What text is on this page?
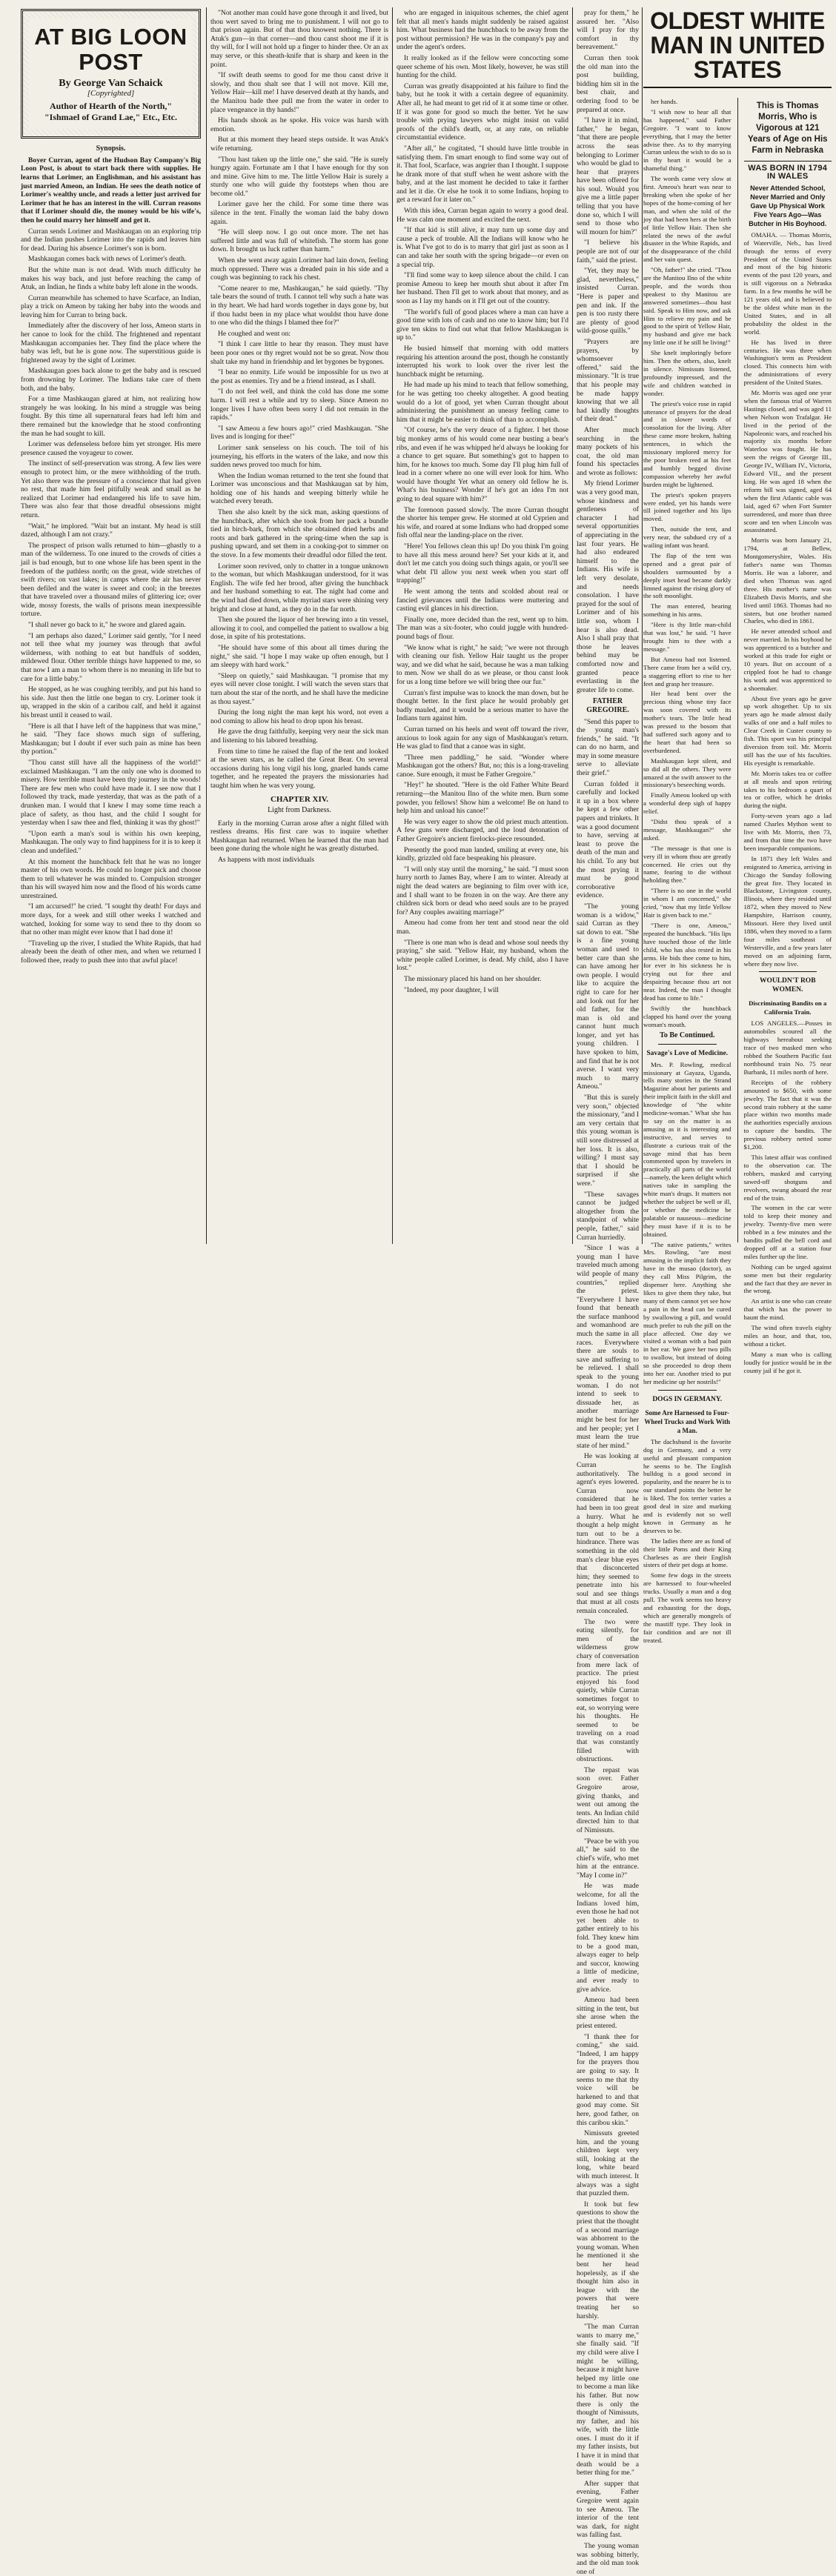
AT BIG LOON POST
By George Van Schaick
[Copyrighted]
Author of Hearth of the North," "Ishmael of Grand Lae," Etc., Etc.
Synopsis.

Boyer Curran, agent of the Hudson Bay Company's Big Loon Post, is about to start back there with supplies. He learns that Lorimer, an Englishman, and his assistant has just married Ameon, an Indian. He sees the death notice of Lorimer's wealthy uncle, and reads a letter just arrived for Lorimer that he has an interest in the will. Curran reasons that if Lorimer should die, the money would be his wife's, then he could marry her himself and get it.

Curran sends Lorimer and Mashkaugan on an exploring trip and the Indian pushes Lorimer into the rapids and leaves him for dead. During his absence Lorimer's son is born.

Mashkaugan comes back with news of Lorimer's death.

But the white man is not dead. With much difficulty he makes his way back, and just before reaching the camp of Atuk, an Indian, he finds a white baby left alone in the woods.

Curran meanwhile has schemed to have Scarface, an Indian, play a trick on Ameon by taking her baby into the woods and leaving him for Curran to bring back.

Immediately after the discovery of her loss, Ameon starts in her canoe to look for the child. The frightened and repentant Mashkaugan accompanies her. They find the place where the baby was left, but he is gone now. The superstitious guide is frightened away by the sight of Lorimer.

Mashkaugan goes back alone to get the baby and is rescued from drowning by Lorimer. The Indians take care of them both, and the baby.

For a time Mashkaugan glared at him, not realizing how strangely he was looking. In his mind a struggle was being fought. By this time all supernatural fears had left him and there remained but the knowledge that he stood confronting the man he had sought to kill.

Lorimer was defenseless before him yet stronger. His mere presence caused the voyageur to cower.

The instinct of self-preservation was strong. A few lies were enough to protect him, or the mere withholding of the truth. Yet also there was the pressure of a conscience that had given no rest, that made him feel pitifully weak and small as he realized that Lorimer had endangered his life to save him. There was also fear that those dreadful obsessions might return.

"Wait," he implored. "Wait but an instant. My head is still dazed, although I am not crazy."

The prospect of prison walls returned to him—ghastly to a man of the wilderness. To one inured to the crowds of cities a jail is bad enough, but to one whose life has been spent in the freedom of the pathless north; on the great, wide stretches of swift rivers; on vast lakes; in camps where the air has never been defiled and the water is sweet and cool; in the breezes that have traveled over a thousand miles of glittering ice; over wide, mossy forests, the walls of prisons mean inexpressible torture.

"I shall never go back to it," he swore and glared again.

"I am perhaps also dazed," Lorimer said gently, "for I need not tell thee what my journey was through that awful wilderness, with nothing to eat but handfuls of sodden, mildewed flour. Other terrible things have happened to me, so that now I am a man to whom there is no meaning in life but to care for a little baby."

He stopped, as he was coughing terribly, and put his hand to his side. Just then the little one began to cry. Lorimer took it up, wrapped in the skin of a caribou calf, and held it against his breast until it ceased to wail.

"Here is all that I have left of the happiness that was mine," he said. "They face shows much sign of suffering, Mashkaugan; but I doubt if ever such pain as mine has been thy portion."

"Thou canst still have all the happiness of the world!" exclaimed Mashkaugan. "I am the only one who is doomed to misery. How terrible must have been thy journey in the woods! There are few men who could have made it. I see now that I followed thy track, made yesterday, that was as the path of a drunken man. I would that I knew I may some time reach a place of safety, as thou hast, and the child I sought for yesterday when I saw thee and fled, thinking it was thy ghost!"

"Upon earth a man's soul is within his own keeping, Mashkaugan. The only way to find happiness for it is to keep it clean and undefiled."

At this moment the hunchback felt that he was no longer master of his own words. He could no longer pick and choose them to tell whatever he was minded to. Compulsion stronger than his will swayed him now and the flood of his words came unrestrained.

"I am accursed!" he cried. "I sought thy death! For days and more days, for a week and still other weeks I watched and watched, looking for some way to send thee to thy doom so that no other man might ever know that I had done it!

"Traveling up the river, I studied the White Rapids, that had already been the death of other men, and when we returned I followed thee, ready to push thee into that awful place!

"Not another man could have gone through it and lived, but thou wert saved to bring me to punishment. I will not go to that prison again. But of that thou knowest nothing. There is Atuk's gun—in that corner—and thou canst shoot me if it is thy will, for I will not hold up a finger to hinder thee. Or an ax may serve, or this sheath-knife that is sharp and keen in the point.

"If swift death seems to good for me thou canst drive it slowly, and thou shalt see that I will not move. Kill me, Yellow Hair—kill me! I have deserved death at thy hands, and the Manitou bade thee pull me from the water in order to place vengeance in thy hands!"

His hands shook as he spoke. His voice was harsh with emotion.

But at this moment they heard steps outside. It was Atuk's wife returning.

"Thou hast taken up the little one," she said. "He is surely hungry again. Fortunate am I that I have enough for thy son and mine. Give him to me. The little Yellow Hair is surely a sturdy one who will guide thy footsteps when thou are become old."

Lorimer gave her the child. For some time there was silence in the tent. Finally the woman laid the baby down again.

"He will sleep now. I go out once more. The net has suffered little and was full of whitefish. The storm has gone down. It brought us luck rather than harm."

When she went away again Lorimer had lain down, feeling much oppressed. There was a dreaded pain in his side and a cough was beginning to rack his chest.

"Come nearer to me, Mashkaugan," he said quietly. "Thy tale bears the sound of truth. I cannot tell why such a hate was in thy heart. We had hard words together in days gone by, but if thou hadst been in my place what wouldst thou have done to one who did the things I blamed thee for?"

He coughed and went on:

"I think I care little to hear thy reason. They must have been poor ones or thy regret would not be so great. Now thou shalt take my hand in friendship and let bygones be bygones.

"I bear no enmity. Life would be impossible for us two at the post as enemies. Try and be a friend instead, as I shall.

"I do not feel well, and think the cold has done me some harm. I will rest a while and try to sleep. Since Ameon no longer lives I have often been sorry I did not remain in the rapids."

"I saw Ameou a few hours ago!" cried Mashkaugan. "She lives and is longing for thee!"

Lorimer sank senseless on his couch. The toil of his journeying, his efforts in the waters of the lake, and now this sudden news proved too much for him.

When the Indian woman returned to the tent she found that Lorimer was unconscious and that Mashkaugan sat by him, holding one of his hands and weeping bitterly while he watched every breath.

Then she also knelt by the sick man, asking questions of the hunchback, after which she took from her pack a bundle tied in birch-bark, from which she obtained dried herbs and roots and bark gathered in the spring-time when the sap is pushing upward, and set them in a cooking-pot to simmer on the stove. In a few moments their dreadful odor filled the tent.

Lorimer soon revived, only to chatter in a tongue unknown to the woman, but which Mashkaugan understood, for it was English. The wife fed her brood, after giving the hunchback and her husband something to eat. The night had come and the wind had died down, while myriad stars were shining very bright and close at hand, as they do in the far north.

Then she poured the liquor of her brewing into a tin vessel, allowing it to cool, and compelled the patient to swallow a big dose, in spite of his protestations.

"He should have some of this about all times during the night," she said. "I hope I may wake up often enough, but I am sleepy with hard work."

"Sleep on quietly," said Mashkaugan. "I promise that my eyes will never close tonight. I will watch the seven stars that turn about the star of the north, and he shall have the medicine as thou sayest."

During the long night the man kept his word, not even a nod coming to allow his head to drop upon his breast.

He gave the drug faithfully, keeping very near the sick man and listening to his labored breathing.

From time to time he raised the flap of the tent and looked at the seven stars, as he called the Great Bear. On several occasions during his long vigil his long, gnarled hands came together, and he repeated the prayers the missionaries had taught him when he was very young.

CHAPTER XIV.
Light from Darkness.

Early in the morning Curran arose after a night filled with restless dreams. His first care was to inquire whether Mashkaugan had returned. When he learned that the man had been gone during the whole night he was greatly disturbed.

As happens with most individuals

who are engaged in iniquitous schemes, the chief agent felt that all men's hands might suddenly be raised against him. What business had the hunchback to be away from the post without permission? He was in the company's pay and under the agent's orders.

It really looked as if the fellow were concocting some queer scheme of his own. Most likely, however, he was still hunting for the child.

Curran was greatly disappointed at his failure to find the baby, but he took it with a certain degree of equanimity. After all, he had meant to get rid of it at some time or other. If it was gone for good so much the better. Yet he saw trouble with prying lawyers who might insist on valid proofs of the child's death, or, at any rate, on reliable circumstantial evidence.

"After all," he cogitated, "I should have little trouble in satisfying them. I'm smart enough to find some way out of it. That fool, Scarface, was angrier than I thought. I suppose he drank more of that stuff when he went ashore with the baby, and at the last moment he decided to take it farther and let it die. Or else he took it to some Indians, hoping to get a reward for it later on."

With this idea, Curran began again to worry a good deal. He was calm one moment and excited the next.

"If that kid is still alive, it may turn up some day and cause a peck of trouble. All the Indians will know who he is. What I've got to do is to marry that girl just as soon as I can and take her south with the spring brigade—or even on a special trip.

"I'll find some way to keep silence about the child. I can promise Ameou to keep her mouth shut about it after I'm her husband. Then I'll get to work about that money, and as soon as I lay my hands on it I'll get out of the country.

"The world's full of good places where a man can have a good time with lots of cash and no one to know him; but I'd give ten skins to find out what that fellow Mashkaugan is up to."

He busied himself that morning with odd matters requiring his attention around the post, though he constantly interrupted his work to look over the river lest the hunchback might be returning.

He had made up his mind to teach that fellow something, for he was getting too cheeky altogether. A good beating would do a lot of good, yet when Curran thought about administering the punishment an uneasy feeling came to him that it might be easier to think of than to accomplish.

"Of course, he's the very deuce of a fighter. I bet those big monkey arms of his would come near busting a bear's ribs, and even if he was whipped he'd always be looking for a chance to get square. But something's got to happen to him, for he knows too much. Some day I'll plug him full of lead in a corner where no one will ever look for him. Who would have thought Yet what an ornery old fellow he is. What's his business? Wonder if he's got an idea I'm not going to deal square with him?"

The forenoon passed slowly. The more Curran thought the shorter his temper grew. He stormed at old Cyprien and his wife, and roared at some Indians who had dropped some fish offal near the landing-place on the river.

"Here! You fellows clean this up! Do you think I'm going to have all this mess around here? Set your kids at it, and don't let me catch you doing such things again, or you'll see what debt I'll allow you next week when you start off trapping!"

He went among the tents and scolded about real or fancied grievances until the Indians were muttering and casting evil glances in his direction.

Finally one, more decided than the rest, went up to him. The man was a six-footer, who could juggle with hundred-pound bags of flour.

"We know what is right," he said; "we were not through with cleaning our fish. Yellow Hair taught us the proper way, and we did what he said, because he was a man talking to men. Now we shall do as we please, or thou canst look for us a long time before we will bring thee our fur."

Curran's first impulse was to knock the man down, but he thought better. In the first place he would probably get badly mauled, and it would be a serious matter to have the Indians turn against him.

Curran turned on his heels and went off toward the river, anxious to look again for any sign of Mashkaugan's return. He was glad to find that a canoe was in sight.

"Three men paddling," he said. "Wonder where Mashkaugan got the others? But, no; this is a long-traveling canoe. Sure enough, it must be Father Gregoire."

"Hey!" he shouted. "Here is the old Father White Beard returning—the Manitou Ilno of the white men. Burn some powder, you fellows! Show him a welcome! Be on hand to help him and unload his canoe!"

He was very eager to show the old priest much attention. A few guns were discharged, and the loud detonation of Father Gregoire's ancient firelocks-piece resounded.

Presently the good man landed, smiling at every one, his kindly, grizzled old face bespeaking his pleasure.

"I will only stay until the morning," he said. "I must soon hurry north to James Bay, where I am to winter. Already at night the dead waters are beginning to film over with ice, and I shall want to be frozen in on the way. Are there any children sick born or dead who need souls are to be prayed for? Any couples awaiting marriage?"

Ameou had come from her tent and stood near the old man.

"There is one man who is dead and whose soul needs thy praying," she said. "Yellow Hair, my husband, whom the white people called Lorimer, is dead. My child, also I have lost."

The missionary placed his hand on her shoulder.

"Indeed, my poor daughter, I will

pray for them," he assured her. "Also will I pray for thy comfort in thy bereavement."

Curran then took the old man into the post building, bidding him sit in the best chair, and ordering food to be prepared at once.

"I have it in mind, father," he began, "that there are people across the seas belonging to Lorimer who would be glad to hear that prayers have been offered for his soul. Would you give me a little paper telling that you have done so, which I will send to those who will mourn for him?"

"I believe his people are not of our faith," said the priest.

"Yet, they may be glad, nevertheless," insisted Curran. "Here is paper and pen and ink. If the pen is too rusty there are plenty of good wild-goose quills."

"Prayers are prayers, by whomsoever offered," said the missionary. "It is true that his people may be made happy knowing that we all had kindly thoughts of their dead."

After much searching in the many pockets of his coat, the old man found his spectacles and wrote as follows:

My friend Lorimer was a very good man, whose kindness and gentleness of character I had several opportunities of appreciating in the last four years. He had also endeared himself to the Indians. His wife is left very desolate, and needs consolation. I have prayed for the soul of Lorimer and of his little son, whom I hear is also dead. Also I shall pray that those he leaves behind may be comforted now and granted peace everlasting in the greater life to come.

FATHER GREGOIRE.

"Send this paper to the young man's friends," he said. "It can do no harm, and may in some measure serve to alleviate their grief."

Curran folded it carefully and locked it up in a box where he kept a few other papers and trinkets. It was a good document to have, serving at least to prove the death of the man and his child. To any but the most prying it must be good corroborative evidence.

"The young woman is a widow," said Curran as they sat down to eat. "She is a fine young woman and used to better care than she can have among her own people. I would like to acquire the right to care for her and look out for her old father, for the man is old and cannot hunt much longer, and yet has young children. I have spoken to him, and find that he is not averse. I want very much to marry Ameou."

"But this is surely very soon," objected the missionary, "and I am very certain that this young woman is still sore distressed at her loss. It is also, willing? I must say that I should be surprised if she were."

"These savages cannot be judged altogether from the standpoint of white people, father," said Curran hurriedly.

"Since I was a young man I have traveled much among wild people of many countries," replied the priest. "Everywhere I have found that beneath the surface manhood and womanhood are much the same in all races. Everywhere there are souls to save and suffering to be relieved. I shall speak to the young woman. I do not intend to seek to dissuade her, as another marriage might be best for her and her people; yet I must learn the true state of her mind."

He was looking at Curran authoritatively. The agent's eyes lowered. Curran now considered that he had been in too great a hurry. What he thought a help might turn out to be a hindrance. There was something in the old man's clear blue eyes that disconcerted him; they seemed to penetrate into his soul and see things that must at all costs remain concealed.

The two were eating silently, for men of the wilderness grow chary of conversation from mere lack of practice. The priest enjoyed his food quietly, while Curran sometimes forgot to eat, so worrying were his thoughts. He seemed to be traveling on a road that was constantly filled with obstructions.

The repast was soon over. Father Gregoire arose, giving thanks, and went out among the tents. An Indian child directed him to that of Nimissuts.

"Peace be with you all," he said to the chief's wife, who met him at the entrance. "May I come in?"

He was made welcome, for all the Indians loved him, even those he had not yet been able to gather entirely to his fold. They knew him to be a good man, always eager to help and succor, knowing a little of medicine, and ever ready to give advice.

Ameou had been sitting in the tent, but she arose when the priest entered.

"I thank thee for coming," she said. "Indeed, I am happy for the prayers thou are going to say. It seems to me that thy voice will be harkened to and that good may come. Sit here, good father, on this caribou skin."

Nimissuts greeted him, and the young children kept very still, looking at the long, white beard with much interest. It always was a sight that puzzled them.

It took but few questions to show the priest that the thought of a second marriage was abhorrent to the young woman. When he mentioned it she bent her head hopelessly, as if she thought him also in league with the powers that were treating her so harshly.

"The man Curran wants to marry me," she finally said. "If my child were alive I might be willing, because it might have helped my little one to become a man like his father. But now there is only the thought of Nimissuts, my father, and his wife, with the little ones. I must do it if my father insists, but I have it in mind that death would be a better thing for me."

After supper that evening, Father Gregoire went again to see Ameou. The interior of the tent was dark, for night was falling fast.

The young woman was sobbing bitterly, and the old man took one of

OLDEST WHITE MAN IN UNITED STATES

her hands.

"I wish now to hear all that has happened," said Father Gregoire. "I want to know everything, that I may the better advise thee. As to thy marrying Curran unless the wish to do so is in thy heart it would be a shameful thing."

The words came very slow at first. Ameou's heart was near to breaking when she spoke of her hopes of the home-coming of her man, and when she told of the joy that had been hers at the birth of little Yellow Hair. Then she related the news of the awful disaster in the White Rapids, and of the disappearance of the child and her vain quest.

"Oh, father!" she cried. "Thou are the Manitou Ilno of the white people, and the words thou speakest to thy Manitou are answered sometimes—thou hast said. Speak to Him now, and ask Him to relieve my pain and be good to the spirit of Yellow Hair, my husband and give me back my little one if he still be living!"

She knelt imploringly before him. Then the others, also, knelt in silence. Nimissuts listened, profoundly impressed, and the wife and children watched in wonder.

The priest's voice rose in rapid utterance of prayers for the dead and in slower words of consolation for the living. After these came more broken, halting sentences, in which the missionary implored mercy for the poor broken reed at his feet and humbly begged divine compassion whereby her awful burden might be lightened.

The priest's spoken prayers were ended, yet his hands were till joined together and his lips moved.

Then, outside the tent, and very near, the subdued cry of a wailing infant was heard.

The flap of the tent was opened and a great pair of shoulders surmounted by a deeply inset head became darkly limned against the rising glory of the soft moonlight.

The man entered, bearing something in his arms.

"Here is thy little man-child that was lost," he said. "I have brought him to thee with a message."

But Ameou had not listened. There came from her a wild cry, a staggering effort to rise to her feet and grasp her treasure.

Her head bent over the precious thing whose tiny face was soon covered with its mother's tears. The little head was pressed to the bosom that had suffered such agony and to the heart that had been so overburdened.

Mashkaugan kept silent, and so did all the others. They were amazed at the swift answer to the missionary's beseeching words.

Finally Ameou looked up with a wonderful deep sigh of happy relief.

"Didst thou speak of a message, Mashkaugan?" she asked.

"The message is that one is very ill in whom thou are greatly concerned. He cries out thy name, fearing to die without beholding thee."

"There is no one in the world in whom I am concerned," she cried, "now that my little Yellow Hair is given back to me."

"There is one, Ameou," repeated the hunchback. "His lips have touched those of the little child, who has also rested in his arms. He bids thee come to him, for ever in his sickness he is crying out for thee and despairing because thou art not near. Indeed, the man I thought dead has come to life."

Swiftly the hunchback clapped his hand over the young woman's mouth.

To Be Continued.
Savage's Love of Medicine.

Mrs. P. Rowling, medical missionary at Gayaza, Uganda, tells many stories in the Strand Magazine about her patients and their implicit faith in the skill and knowledge of "the white medicine-woman." What she has to say on the matter is as amusing as it is interesting and instructive, and serves to illustrate a curious trait of the savage mind that has been commented upon by travelers in practically all parts of the world—namely, the keen delight which natives take in sampling the white man's drugs. It matters not whether the subject be well or ill, or whether the medicine be palatable or nauseous—medicine they must have if it is to be obtained.

"The native patients," writes Mrs. Rowling, "are most amusing in the implicit faith they have in the musao (doctor), as they call Miss Pilgrim, the dispenser here. Anything she likes to give them they take, but many of them cannot yet see how a pain in the head can be cured by swallowing a pill, and would much prefer to rub the pill on the place affected. One day we visited a woman with a bad pain in her ear. We gave her two pills to swallow, but instead of doing so she proceeded to drop them into her ear. Another tried to put her medicine up her nostrils!"

DOGS IN GERMANY.
Some Are Harnessed to Four-Wheel Trucks and Work With a Man.

The dachshund is the favorite dog in Germany, and a very useful and pleasant companion he seems to be. The English bulldog is a good second in popularity, and the nearer he is to our standard points the better he is liked. The fox terrier varies a good deal in size and marking and is evidently not so well known in Germany as he deserves to be.

The ladies there are as fond of their little Poms and their King Charleses as are their English sisters of their pet dogs at home.

Some few dogs in the streets are harnessed to four-wheeled trucks. Usually a man and a dog pull. The work seems too heavy and exhausting for the dogs, which are generally mongrels of the mastiff type. They look in fair condition and are not ill treated.

This is Thomas Morris, Who is Vigorous at 121 Years of Age on His Farm in Nebraska
WAS BORN IN 1794 IN WALES
Never Attended School, Never Married and Only Gave Up Physical Work Five Years Ago—Was Butcher in His Boyhood.

OMAHA. — Thomas Morris, of Waterville, Neb., has lived through the terms of every President of the United States and most of the big historic events of the past 120 years, and is still vigorous on a Nebraska farm. In a few months he will be 121 years old, and is believed to be the oldest white man in the United States, and in all probability the oldest in the world.

He has lived in three centuries. He was three when Washington's term as President closed. This connects him with the administrations of every president of the United States.

Mr. Morris was aged one year when the famous trial of Warren Hastings closed, and was aged 11 when Nelson won Trafalgar. He lived in the period of the Napoleonic wars, and reached his majority six months before Waterloo was fought. He has seen the reigns of George III., George IV., William IV., Victoria, Edward VII., and the present king. He was aged 18 when the reform bill was signed, aged 64 when the first Atlantic cable was laid, aged 67 when Fort Sumter surrendered, and more than three score and ten when Lincoln was assassinated.

Morris was born January 21, 1794, at Bellew, Montgomeryshire, Wales. His father's name was Thomas Morris. He was a laborer, and died when Thomas was aged three. His mother's name was Elizabeth Davis Morris, and she lived until 1863. Thomas had no sisters, but one brother named Charles, who died in 1861.

He never attended school and never married. In his boyhood he was apprenticed to a butcher and worked at this trade for eight or 10 years. But on account of a crippled foot he had to change his work and was apprenticed to a shoemaker.

About five years ago he gave up work altogether. Up to six years ago he made almost daily walks of one and a half miles to Clear Creek in Custer county to fish. This sport was his principal diversion from toil. Mr. Morris still has the use of his faculties. His eyesight is remarkable.

Mr. Morris takes tea or coffee at all meals and upon retiring takes to his bedroom a quart of tea or coffee, which he drinks during the night.

Forty-seven years ago a lad named Charles Mython went to live with Mr. Morris, then 73, and from that time the two have been inseparable companions.

In 1871 they left Wales and emigrated to America, arriving in Chicago the Sunday following the great fire. They located in Blackstone, Livingston county, Illinois, where they resided until 1872, when they moved to New Hampshire, Harrison county, Missouri. Here they lived until 1886, when they moved to a farm four miles southeast of Westerville, and a few years later moved on an adjoining farm, where they now live.

WOULDN'T ROB WOMEN.
Discriminating Bandits on a California Train.

LOS ANGELES.—Posses in automobiles scoured all the highways hereabout seeking trace of two masked men who robbed the Southern Pacific fast northbound train No. 75 near Burbank, 11 miles north of here.

Receipts of the robbery amounted to $650, with some jewelry. The fact that it was the second train robbery at the same place within two months made the authorities especially anxious to capture the bandits. The previous robbery netted some $1,200.

This latest affair was confined to the observation car. The robbers, masked and carrying sawed-off shotguns and revolvers, swung aboard the rear end of the train.

The women in the car were told to keep their money and jewelry. Twenty-five men were robbed in a few minutes and the bandits pulled the bell cord and dropped off at a station four miles further up the line.

Nothing can be urged against some men but their regularity and the fact that they are never in the wrong.

An artist is one who can create that which has the power to haunt the mind.

The wind often travels eighty miles an hour, and that, too, without a ticket.

Many a man who is calling loudly for justice would be in the county jail if he got it.
